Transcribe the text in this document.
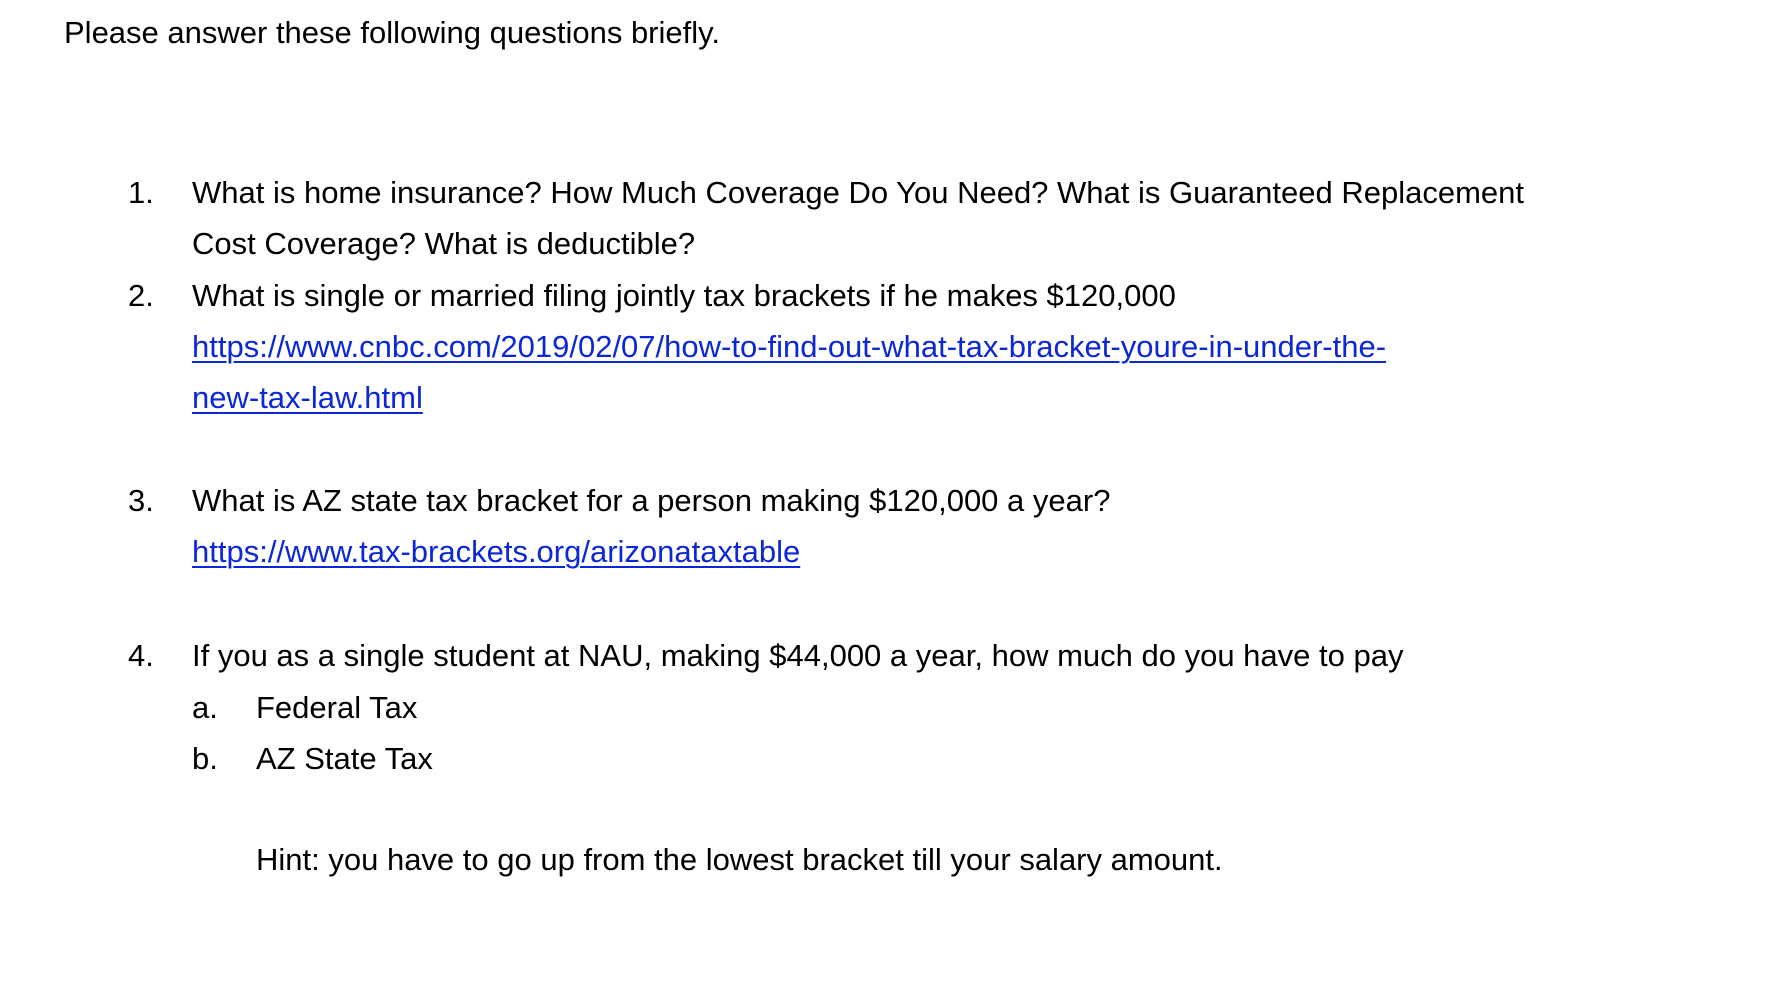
Please answer these following questions briefly.
1.	What is home insurance? How Much Coverage Do You Need? What is Guaranteed Replacement
Cost Coverage? What is deductible?
2.	What is single or married filing jointly tax brackets if he makes $120,000
https://www.cnbc.com/2019/02/07/how-to-find-out-what-tax-bracket-youre-in-under-the-
new-tax-law.html
3.	What is AZ state tax bracket for a person making $120,000 a year?
https://www.tax-brackets.org/arizonataxtable
4.	If you as a single student at NAU, making $44,000 a year, how much do you have to pay
a. Federal Tax
b. AZ State Tax
Hint: you have to go up from the lowest bracket till your salary amount.
